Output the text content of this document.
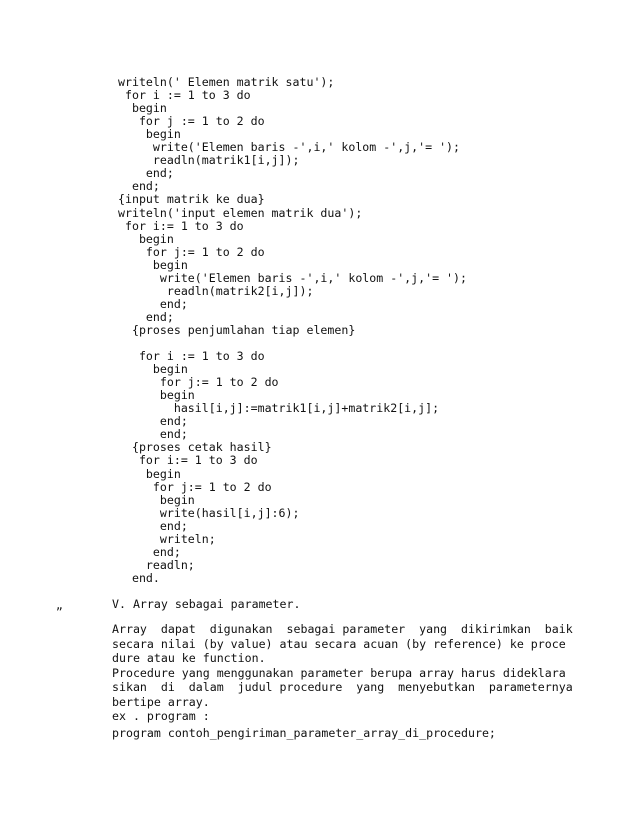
writeln(' Elemen matrik satu');
for i := 1 to 3 do
begin
for j := 1 to 2 do
begin
write('Elemen baris -',i,' kolom -',j,'= ');
readln(matrik1[i,j]);
end;
end;
{input matrik ke dua}
writeln('input elemen matrik dua');
for i:= 1 to 3 do
begin
for j:= 1 to 2 do
begin
write('Elemen baris -',i,' kolom -',j,'= ');
readln(matrik2[i,j]);
end;
end;
{proses penjumlahan tiap elemen}
for i := 1 to 3 do
begin
for j:= 1 to 2 do
begin
hasil[i,j]:=matrik1[i,j]+matrik2[i,j];
end;
end;
{proses cetak hasil}
for i:= 1 to 3 do
begin
for j:= 1 to 2 do
begin
write(hasil[i,j]:6);
end;
writeln;
end;
readln;
end.
„	V. Array sebagai parameter.
Array  dapat  digunakan  sebagai parameter  yang  dikirimkan  baik
secara nilai (by value) atau secara acuan (by reference) ke proce
dure atau ke function.
Procedure yang menggunakan parameter berupa array harus dideklara
sikan  di  dalam  judul procedure  yang  menyebutkan  parameternya
bertipe array.
ex . program :
program contoh_pengiriman_parameter_array_di_procedure;
